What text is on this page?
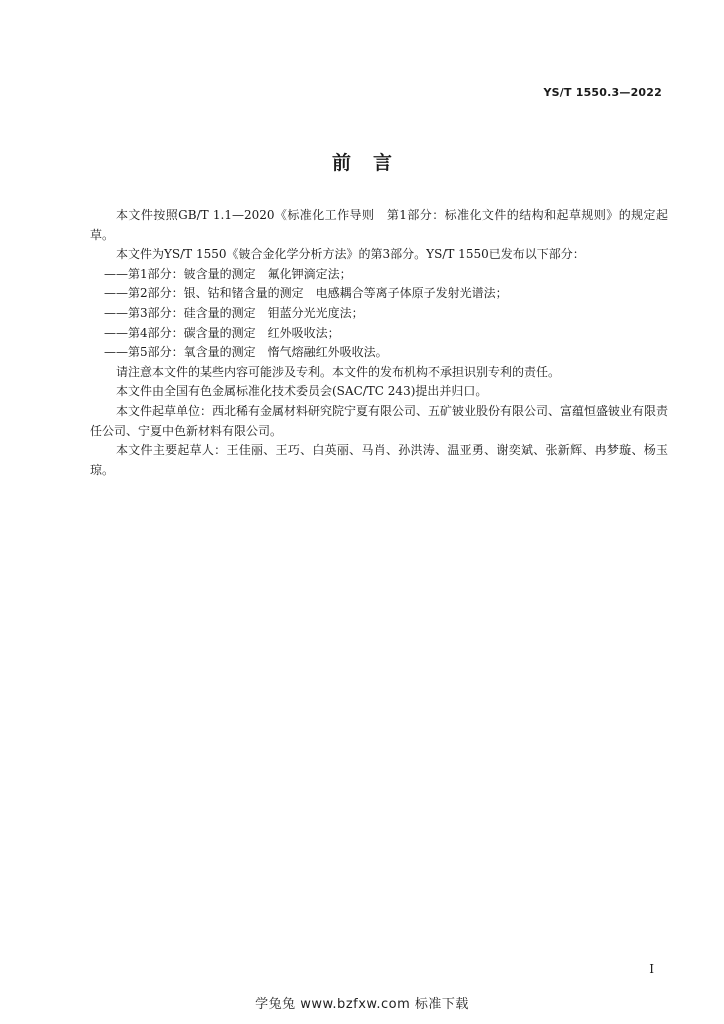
YS/T 1550.3—2022
前言

本文件按照GB/T 1.1—2020《标准化工作导则　第1部分：标准化文件的结构和起草规则》的规定起草。

本文件为YS/T 1550《铍合金化学分析方法》的第3部分。YS/T 1550已发布以下部分：

——第1部分：铍含量的测定　氟化钾滴定法；

——第2部分：银、钴和锗含量的测定　电感耦合等离子体原子发射光谱法；

——第3部分：硅含量的测定　钼蓝分光光度法；

——第4部分：碳含量的测定　红外吸收法；

——第5部分：氧含量的测定　惰气熔融红外吸收法。

请注意本文件的某些内容可能涉及专利。本文件的发布机构不承担识别专利的责任。

本文件由全国有色金属标准化技术委员会(SAC/TC 243)提出并归口。

本文件起草单位：西北稀有金属材料研究院宁夏有限公司、五矿铍业股份有限公司、富蕴恒盛铍业有限责任公司、宁夏中色新材料有限公司。

本文件主要起草人：王佳丽、王巧、白英丽、马肖、孙洪涛、温亚勇、谢奕斌、张新辉、冉梦璇、杨玉琼。

I
学兔兔 www.bzfxw.com 标准下载
